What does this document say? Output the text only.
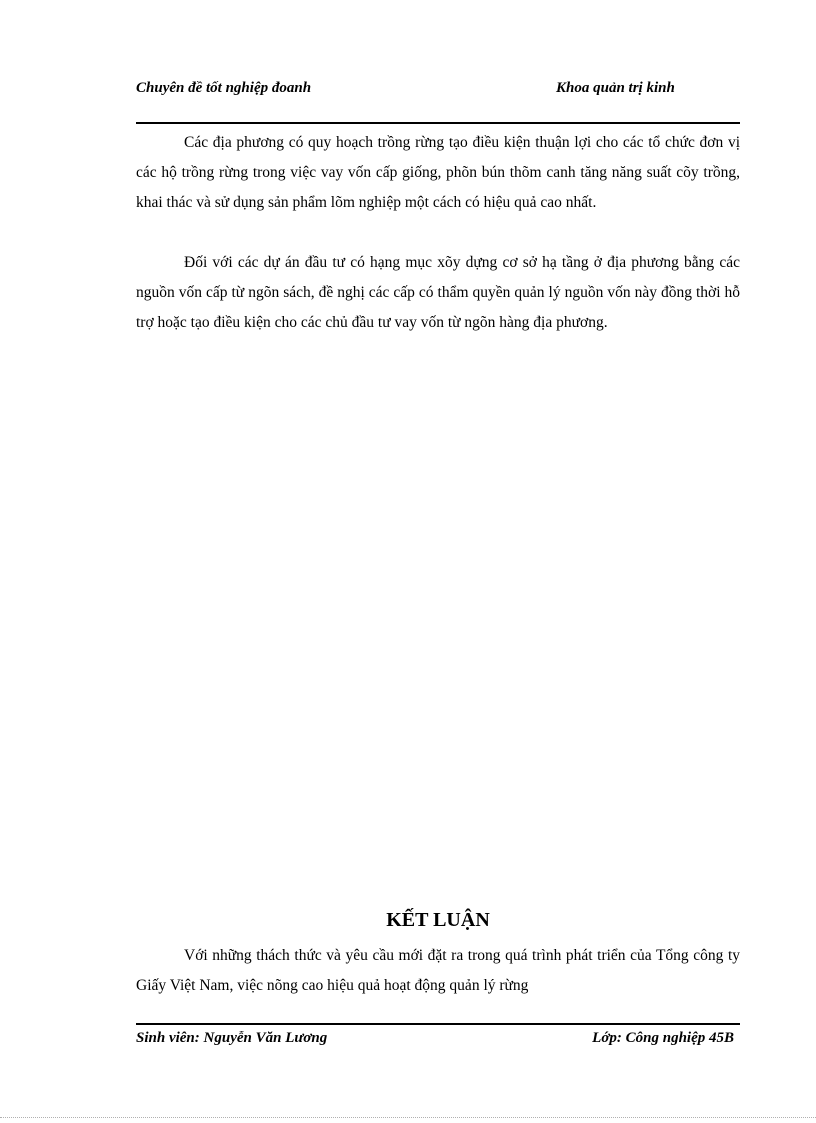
Chuyên đề tốt nghiệp đoanh	Khoa quản trị kinh

Các địa phương có quy hoạch trồng rừng tạo điều kiện thuận lợi cho các tổ chức đơn vị các hộ trồng rừng trong việc vay vốn cấp giống, phõn bún thõm canh tăng năng suất cõy trồng, khai thác và sử dụng sản phẩm lõm nghiệp một cách có hiệu quả cao nhất.

Đối với các dự án đầu tư có hạng mục xõy dựng cơ sở hạ tầng ở địa phương bằng các nguồn vốn cấp từ ngõn sách, đề nghị các cấp có thẩm quyền quản lý nguồn vốn này đồng thời hỗ trợ hoặc tạo điều kiện cho các chủ đầu tư vay vốn từ ngõn hàng địa phương.

KẾT LUẬN

Với những thách thức và yêu cầu mới đặt ra trong quá trình phát triển của Tổng công ty Giấy Việt Nam, việc nõng cao hiệu quả hoạt động quản lý rừng

Sinh viên: Nguyễn Văn Lương	Lớp: Công nghiệp 45B
